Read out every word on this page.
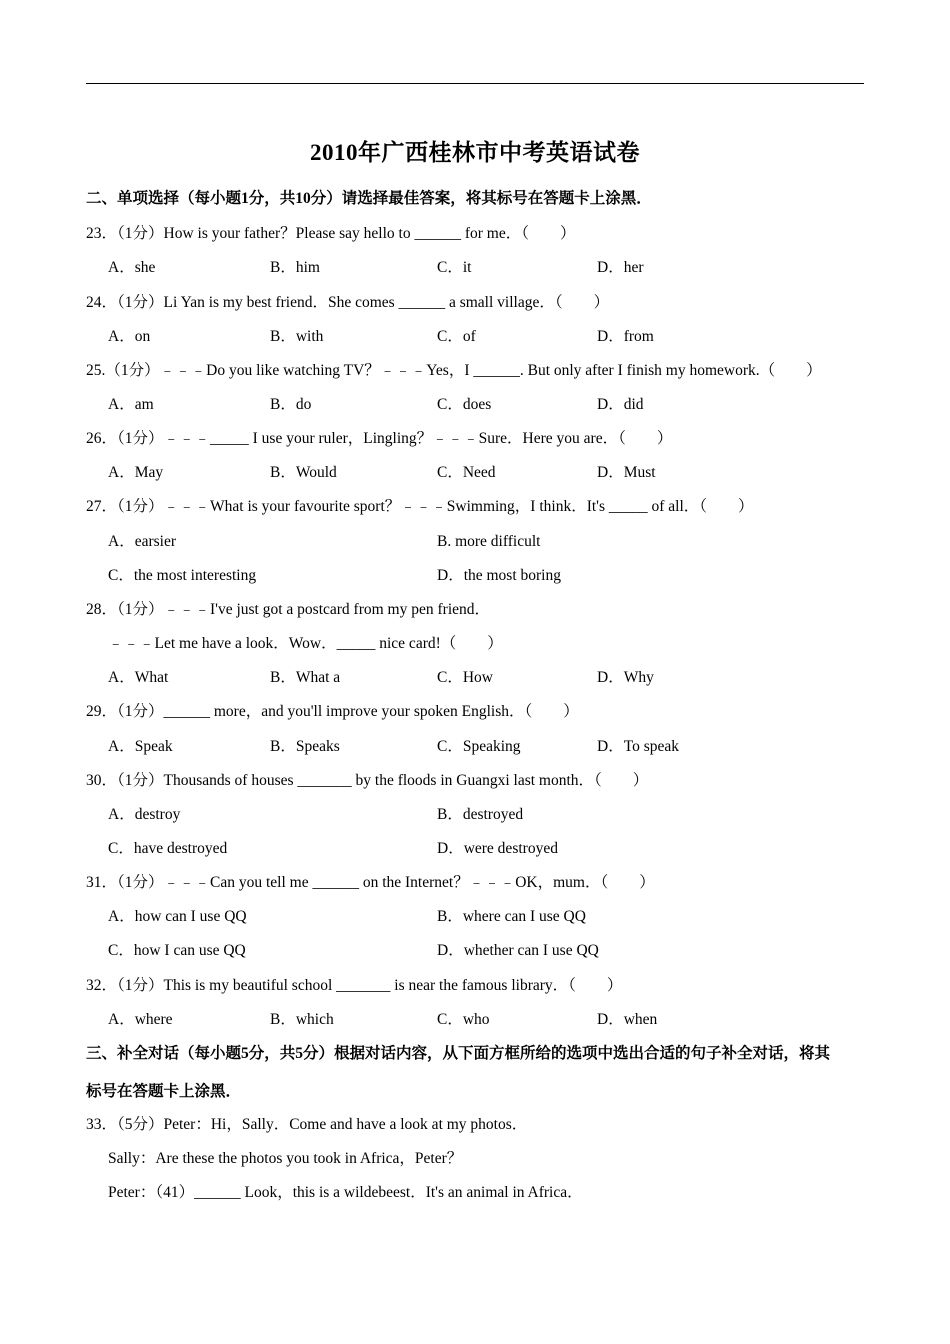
2010年广西桂林市中考英语试卷
二、单项选择（每小题1分，共10分）请选择最佳答案，将其标号在答题卡上涂黑．
23．（1分）How is your father？Please say hello to ______ for me．（　　）
A．she	B．him	C．it	D．her
24．（1分）Li Yan is my best friend．She comes ______ a small village．（　　）
A．on	B．with	C．of	D．from
25.（1分）﹣﹣﹣Do you like watching TV？﹣﹣﹣Yes，I ______. But only after I finish my homework.（　　）
A．am	B．do	C．does	D．did
26．（1分）﹣﹣﹣_____ I use your ruler，Lingling？﹣﹣﹣Sure．Here you are．（　　）
A．May	B．Would	C．Need	D．Must
27．（1分）﹣﹣﹣What is your favourite sport？﹣﹣﹣Swimming，I think．It's _____ of all．（　　）
A．earsier	B. more difficult
C．the most interesting	D．the most boring
28．（1分）﹣﹣﹣I've just got a postcard from my pen friend．
﹣﹣﹣Let me have a look．Wow．_____ nice card!（　　）
A．What	B．What a	C．How	D．Why
29．（1分）______ more，and you'll improve your spoken English．（　　）
A．Speak	B．Speaks	C．Speaking	D．To speak
30．（1分）Thousands of houses _______ by the floods in Guangxi last month．（　　）
A．destroy	B．destroyed
C．have destroyed	D．were destroyed
31．（1分）﹣﹣﹣Can you tell me ______ on the Internet？﹣﹣﹣OK，mum．（　　）
A．how can I use QQ	B．where can I use QQ
C．how I can use QQ	D．whether can I use QQ
32．（1分）This is my beautiful school _______ is near the famous library．（　　）
A．where	B．which	C．who	D．when
三、补全对话（每小题5分，共5分）根据对话内容，从下面方框所给的选项中选出合适的句子补全对话，将其
标号在答题卡上涂黑．
33．（5分）Peter：Hi，Sally．Come and have a look at my photos．
Sally：Are these the photos you took in Africa，Peter？
Peter：（41）______ Look，this is a wildebeest．It's an animal in Africa．
